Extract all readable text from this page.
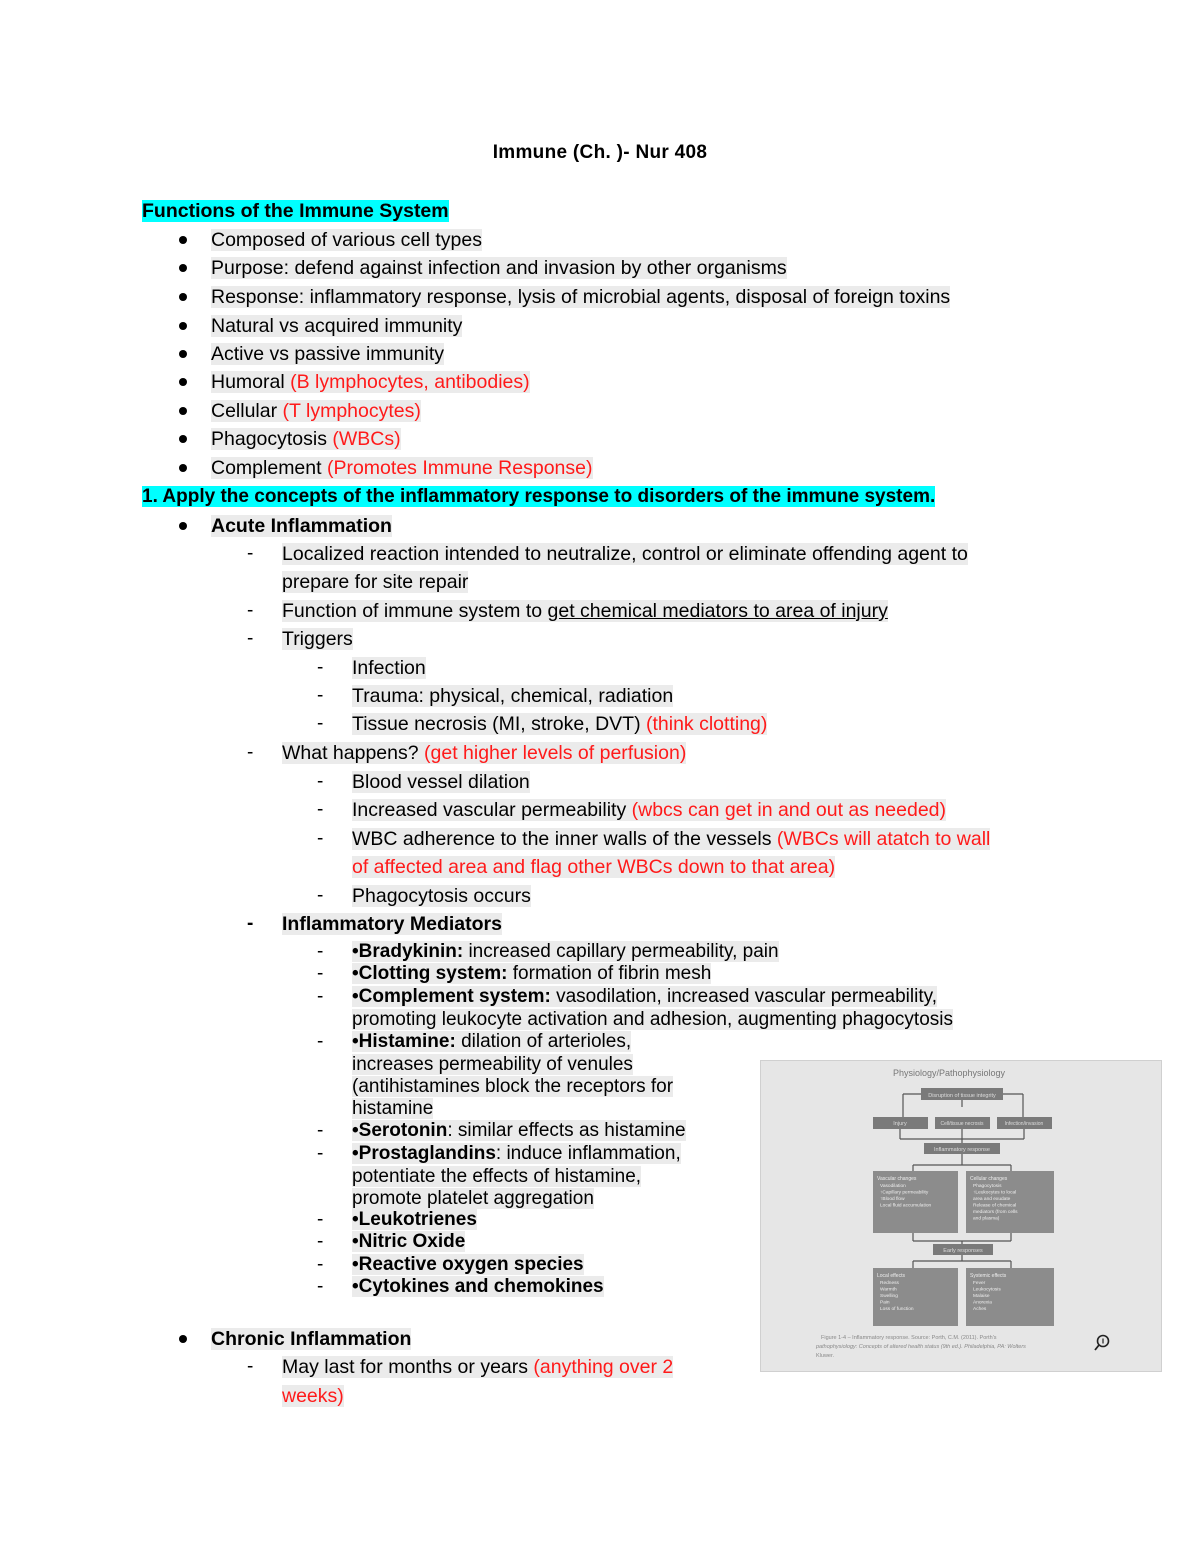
Immune (Ch. )- Nur 408
Functions of the Immune System
Composed of various cell types
Purpose: defend against infection and invasion by other organisms
Response: inflammatory response, lysis of microbial agents, disposal of foreign toxins
Natural vs acquired immunity
Active vs passive immunity
Humoral (B lymphocytes, antibodies)
Cellular (T lymphocytes)
Phagocytosis (WBCs)
Complement (Promotes Immune Response)
1. Apply the concepts of the inflammatory response to disorders of the immune system.
Acute Inflammation
- Localized reaction intended to neutralize, control or eliminate offending agent to
prepare for site repair
- Function of immune system to get chemical mediators to area of injury
- Triggers
- Infection
- Trauma: physical, chemical, radiation
- Tissue necrosis (MI, stroke, DVT) (think clotting)
- What happens? (get higher levels of perfusion)
- Blood vessel dilation
- Increased vascular permeability (wbcs can get in and out as needed)
- WBC adherence to the inner walls of the vessels (WBCs will atatch to wall
of affected area and flag other WBCs down to that area)
- Phagocytosis occurs
- Inflammatory Mediators
- •Bradykinin: increased capillary permeability, pain
- •Clotting system: formation of fibrin mesh
- •Complement system: vasodilation, increased vascular permeability,
promoting leukocyte activation and adhesion, augmenting phagocytosis
- •Histamine: dilation of arterioles,
increases permeability of venules
(antihistamines block the receptors for
histamine
- •Serotonin: similar effects as histamine
- •Prostaglandins: induce inflammation,
potentiate the effects of histamine,
promote platelet aggregation
- •Leukotrienes
- •Nitric Oxide
- •Reactive oxygen species
- •Cytokines and chemokines
Chronic Inflammation
- May last for months or years (anything over 2
weeks)
Physiology/Pathophysiology
Disruption of tissue integrity
Injury	Cell/tissue necrosis	Infection/invasion
Inflammatory response
Vascular changes
Vasodilation
↑Capillary permeability
↑Blood flow
Local fluid accumulation
Cellular changes
Phagocytosis
↑Leukocytes to local
area and exudate
Release of chemical
mediators (from cells
and plasma)
Early responses
Local effects
Redness
Warmth
Swelling
Pain
Loss of function
Systemic effects
Fever
Leukocytosis
Malaise
Anorexia
Aches
Figure 1-4 – Inflammatory response. Source: Porth, C.M. (2011). Porth's
pathophysiology: Concepts of altered health status (9th ed.). Philadelphia, PA: Wolters
Kluwer.
